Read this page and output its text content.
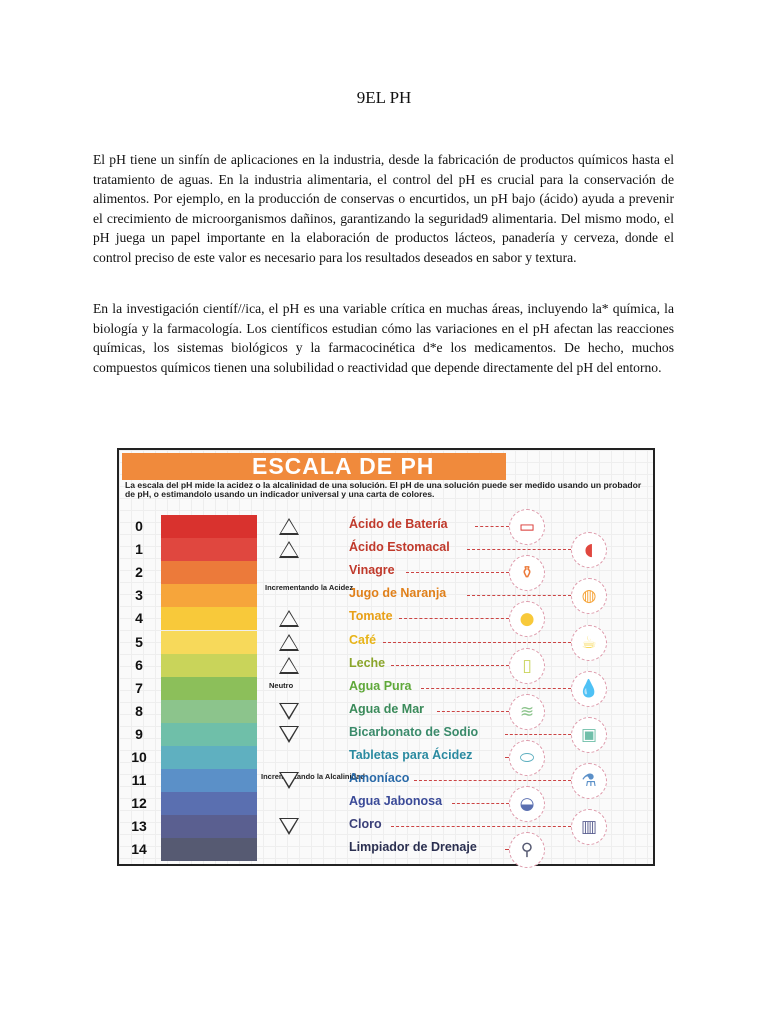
9EL PH

El pH tiene un sinfín de aplicaciones en la industria, desde la fabricación de productos químicos hasta el tratamiento de aguas. En la industria alimentaria, el control del pH es crucial para la conservación de alimentos. Por ejemplo, en la producción de conservas o encurtidos, un pH bajo (ácido) ayuda a prevenir el crecimiento de microorganismos dañinos, garantizando la seguridad9 alimentaria. Del mismo modo, el pH juega un papel importante en la elaboración de productos lácteos, panadería y cerveza, donde el control preciso de este valor es necesario para los resultados deseados en sabor y textura.

En la investigación científ//ica, el pH es una variable crítica en muchas áreas, incluyendo la* química, la biología y la farmacología. Los científicos estudian cómo las variaciones en el pH afectan las reacciones químicas, los sistemas biológicos y la farmacocinética d*e los medicamentos. De hecho, muchos compuestos químicos tienen una solubilidad o reactividad que depende directamente del pH del entorno.

ESCALA DE PH
La escala del pH mide la acidez o la alcalinidad de una solución. El pH de una solución puede ser medido usando un probador de pH, o estimandolo usando un indicador universal y una carta de colores.
Incrementando la Acidez
Neutro
Incrementando la Alcalinidad
0	Ácido de Batería	▭
1	Ácido Estomacal	◖
2	Vinagre	⚱
3	Jugo de Naranja	◍
4	Tomate	●
5	Café	☕
6	Leche	▯
7	Agua Pura	💧
8	Agua de Mar	≋
9	Bicarbonato de Sodio	▣
10	Tabletas para Ácidez	⬭
11	Amoníaco	⚗
12	Agua Jabonosa	◒
13	Cloro	▥
14	Limpiador de Drenaje	⚲
